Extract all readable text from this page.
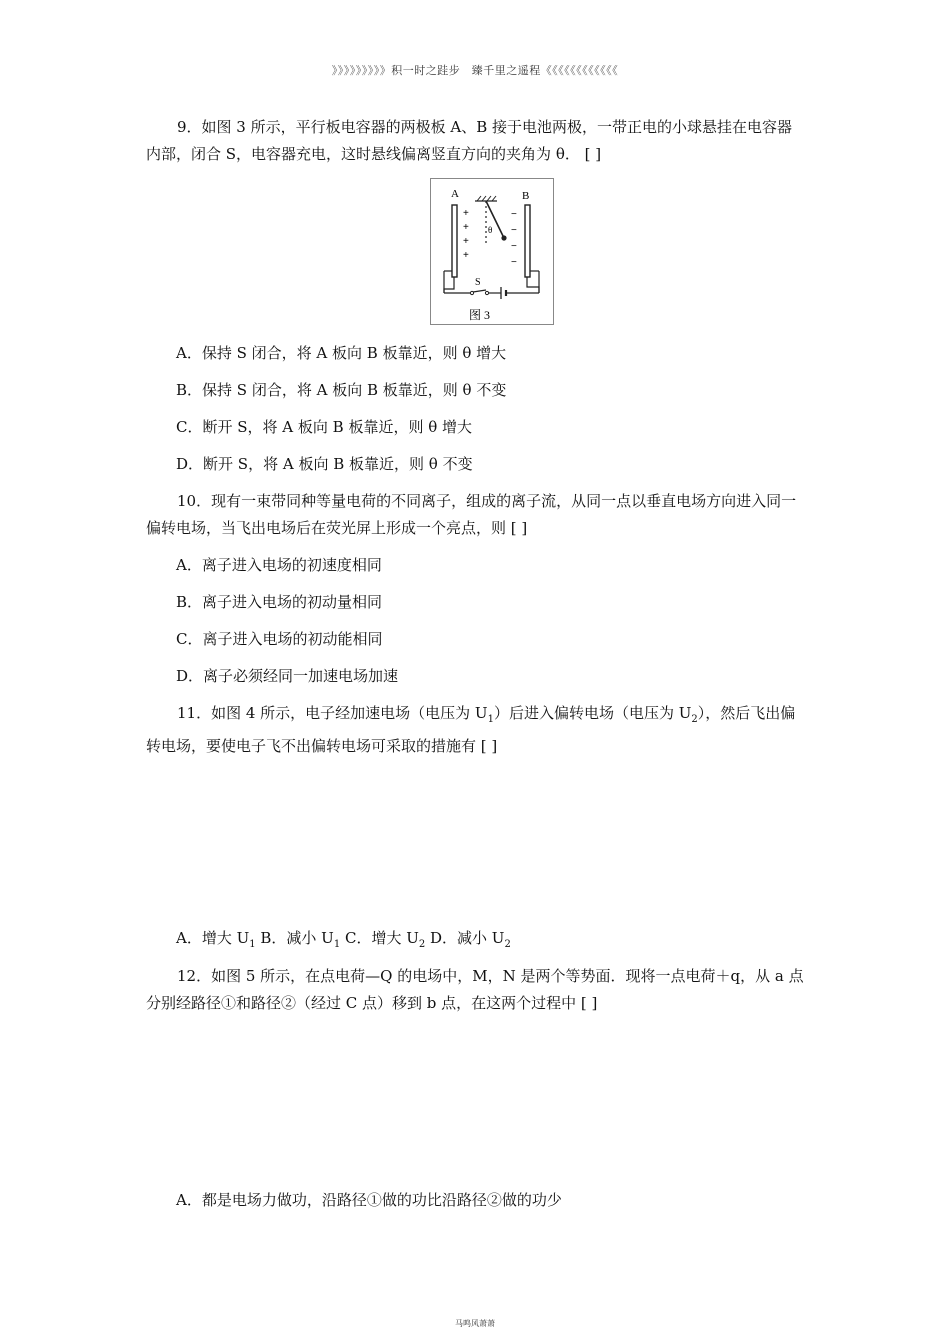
》》》》》》》》》积一时之跬步　臻千里之遥程《《《《《《《《《《《《
9．如图 3 所示，平行板电容器的两极板 A、B 接于电池两极，一带正电的小球悬挂在电容器内部，闭合 S，电容器充电，这时悬线偏离竖直方向的夹角为 θ． [ ]
A	B
S
θ
+
+
+
+
−
−
−
−
图 3
A．保持 S 闭合，将 A 板向 B 板靠近，则 θ 增大
B．保持 S 闭合，将 A 板向 B 板靠近，则 θ 不变
C．断开 S，将 A 板向 B 板靠近，则 θ 增大
D．断开 S，将 A 板向 B 板靠近，则 θ 不变
10．现有一束带同种等量电荷的不同离子，组成的离子流，从同一点以垂直电场方向进入同一偏转电场，当飞出电场后在荧光屏上形成一个亮点，则 [ ]
A．离子进入电场的初速度相同
B．离子进入电场的初动量相同
C．离子进入电场的初动能相同
D．离子必须经同一加速电场加速
11．如图 4 所示，电子经加速电场（电压为 $U_1$）后进入偏转电场（电压为 $U_2$），然后飞出偏转电场，要使电子飞不出偏转电场可采取的措施有 [ ]
A．增大 $U_1$ B．减小 $U_1$ C．增大 $U_2$ D．减小 $U_2$
12．如图 5 所示，在点电荷—Q 的电场中，M，N 是两个等势面．现将一点电荷＋q，从 a 点分别经路径①和路径②（经过 C 点）移到 b 点，在这两个过程中 [ ]
A．都是电场力做功，沿路径①做的功比沿路径②做的功少
马鸣风萧萧
